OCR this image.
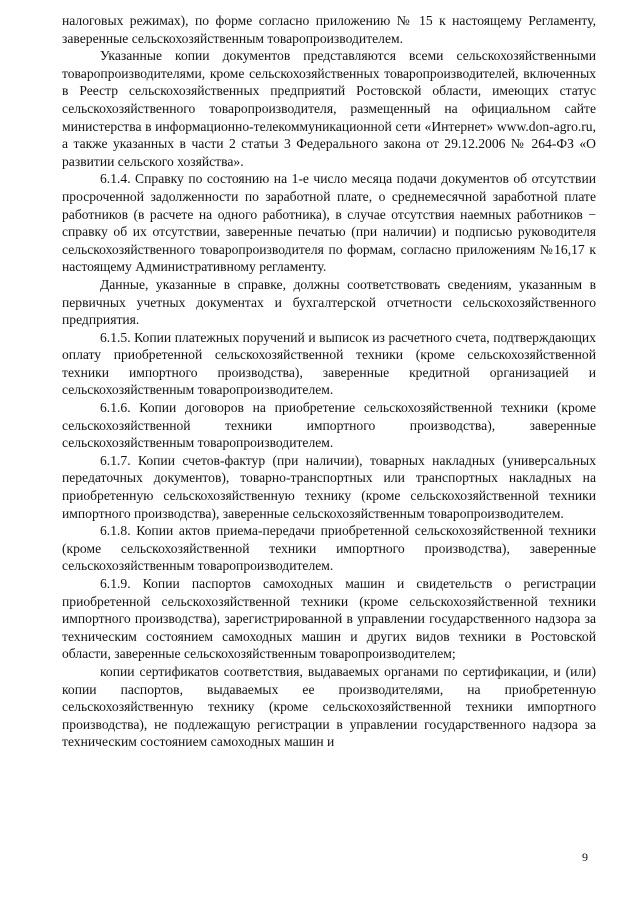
налоговых режимах), по форме согласно приложению № 15 к настоящему Регламенту, заверенные сельскохозяйственным товаропроизводителем.

Указанные копии документов представляются всеми сельскохозяйственными товаропроизводителями, кроме сельскохозяйственных товаропроизводителей, включенных в Реестр сельскохозяйственных предприятий Ростовской области, имеющих статус сельскохозяйственного товаропроизводителя, размещенный на официальном сайте министерства в информационно-телекоммуникационной сети «Интернет» www.don-agro.ru, а также указанных в части 2 статьи 3 Федерального закона от 29.12.2006 № 264-ФЗ «О развитии сельского хозяйства».

6.1.4. Справку по состоянию на 1-е число месяца подачи документов об отсутствии просроченной задолженности по заработной плате, о среднемесячной заработной плате работников (в расчете на одного работника), в случае отсутствия наемных работников − справку об их отсутствии, заверенные печатью (при наличии) и подписью руководителя сельскохозяйственного товаропроизводителя по формам, согласно приложениям №16,17 к настоящему Административному регламенту.

Данные, указанные в справке, должны соответствовать сведениям, указанным в первичных учетных документах и бухгалтерской отчетности сельскохозяйственного предприятия.

6.1.5. Копии платежных поручений и выписок из расчетного счета, подтверждающих оплату приобретенной сельскохозяйственной техники (кроме сельскохозяйственной техники импортного производства), заверенные кредитной организацией и сельскохозяйственным товаропроизводителем.

6.1.6. Копии договоров на приобретение сельскохозяйственной техники (кроме сельскохозяйственной техники импортного производства), заверенные сельскохозяйственным товаропроизводителем.

6.1.7. Копии счетов-фактур (при наличии), товарных накладных (универсальных передаточных документов), товарно-транспортных или транспортных накладных на приобретенную сельскохозяйственную технику (кроме сельскохозяйственной техники импортного производства), заверенные сельскохозяйственным товаропроизводителем.

6.1.8. Копии актов приема-передачи приобретенной сельскохозяйственной техники (кроме сельскохозяйственной техники импортного производства), заверенные сельскохозяйственным товаропроизводителем.

6.1.9. Копии паспортов самоходных машин и свидетельств о регистрации приобретенной сельскохозяйственной техники (кроме сельскохозяйственной техники импортного производства), зарегистрированной в управлении государственного надзора за техническим состоянием самоходных машин и других видов техники в Ростовской области, заверенные сельскохозяйственным товаропроизводителем;

копии сертификатов соответствия, выдаваемых органами по сертификации, и (или) копии паспортов, выдаваемых ее производителями, на приобретенную сельскохозяйственную технику (кроме сельскохозяйственной техники импортного производства), не подлежащую регистрации в управлении государственного надзора за техническим состоянием самоходных машин и

9
